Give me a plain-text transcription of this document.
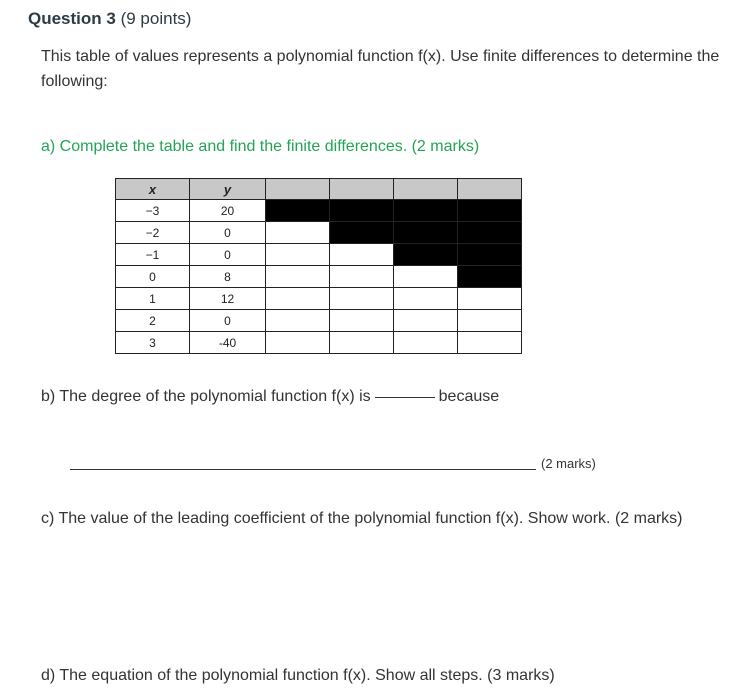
Question 3 (9 points)
This table of values represents a polynomial function f(x). Use finite differences to determine the following:
a) Complete the table and find the finite differences. (2 marks)
x	y				
−3	20				
−2	0				
−1	0				
0	8				
1	12				
2	0				
3	-40				
b) The degree of the polynomial function f(x) is	because
(2 marks)
c) The value of the leading coefficient of the polynomial function f(x). Show work. (2 marks)
d) The equation of the polynomial function f(x). Show all steps. (3 marks)
